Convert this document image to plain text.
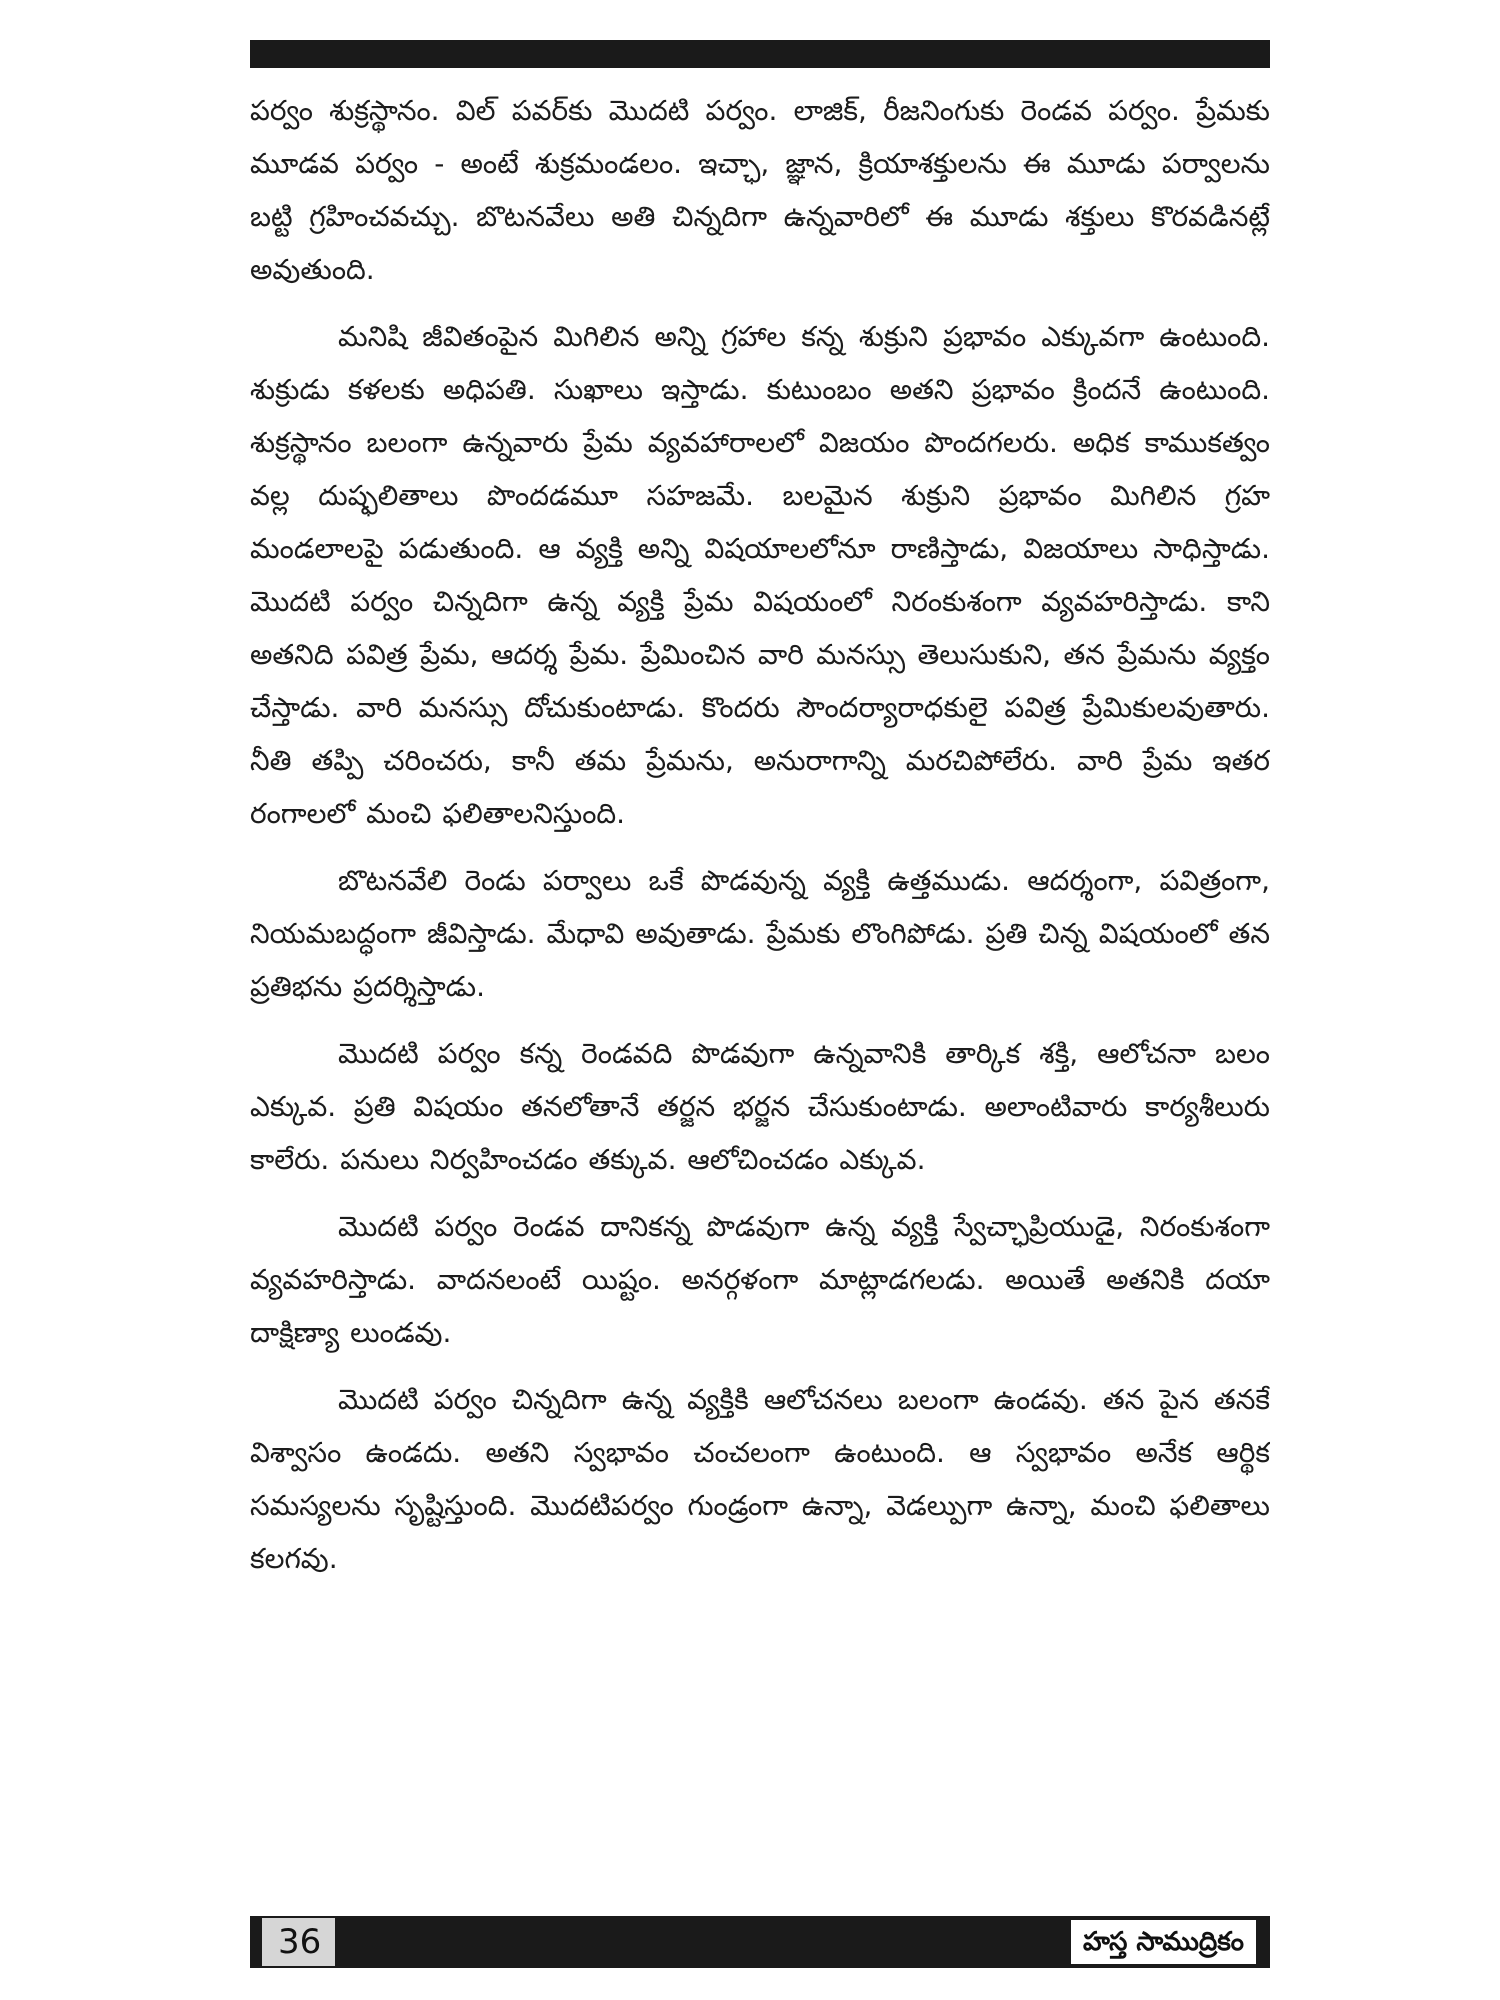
పర్వం శుక్రస్థానం. విల్ పవర్‌కు మొదటి పర్వం. లాజిక్, రీజనింగుకు రెండవ పర్వం. ప్రేమకు మూడవ పర్వం - అంటే శుక్రమండలం. ఇచ్ఛా, జ్ఞాన, క్రియాశక్తులను ఈ మూడు పర్వాలను బట్టి గ్రహించవచ్చు. బొటనవేలు అతి చిన్నదిగా ఉన్నవారిలో ఈ మూడు శక్తులు కొరవడినట్లే అవుతుంది.

మనిషి జీవితంపైన మిగిలిన అన్ని గ్రహాల కన్న శుక్రుని ప్రభావం ఎక్కువగా ఉంటుంది. శుక్రుడు కళలకు అధిపతి. సుఖాలు ఇస్తాడు. కుటుంబం అతని ప్రభావం క్రిందనే ఉంటుంది. శుక్రస్థానం బలంగా ఉన్నవారు ప్రేమ వ్యవహారాలలో విజయం పొందగలరు. అధిక కాముకత్వం వల్ల దుష్ఫలితాలు పొందడమూ సహజమే. బలమైన శుక్రుని ప్రభావం మిగిలిన గ్రహ మండలాలపై పడుతుంది. ఆ వ్యక్తి అన్ని విషయాలలోనూ రాణిస్తాడు, విజయాలు సాధిస్తాడు. మొదటి పర్వం చిన్నదిగా ఉన్న వ్యక్తి ప్రేమ విషయంలో నిరంకుశంగా వ్యవహరిస్తాడు. కాని అతనిది పవిత్ర ప్రేమ, ఆదర్శ ప్రేమ. ప్రేమించిన వారి మనస్సు తెలుసుకుని, తన ప్రేమను వ్యక్తం చేస్తాడు. వారి మనస్సు దోచుకుంటాడు. కొందరు సౌందర్యారాధకులై పవిత్ర ప్రేమికులవుతారు. నీతి తప్పి చరించరు, కానీ తమ ప్రేమను, అనురాగాన్ని మరచిపోలేరు. వారి ప్రేమ ఇతర రంగాలలో మంచి ఫలితాలనిస్తుంది.

బొటనవేలి రెండు పర్వాలు ఒకే పొడవున్న వ్యక్తి ఉత్తముడు. ఆదర్శంగా, పవిత్రంగా, నియమబద్ధంగా జీవిస్తాడు. మేధావి అవుతాడు. ప్రేమకు లొంగిపోడు. ప్రతి చిన్న విషయంలో తన ప్రతిభను ప్రదర్శిస్తాడు.

మొదటి పర్వం కన్న రెండవది పొడవుగా ఉన్నవానికి తార్కిక శక్తి, ఆలోచనా బలం ఎక్కువ. ప్రతి విషయం తనలోతానే తర్జన భర్జన చేసుకుంటాడు. అలాంటివారు కార్యశీలురు కాలేరు. పనులు నిర్వహించడం తక్కువ. ఆలోచించడం ఎక్కువ.

మొదటి పర్వం రెండవ దానికన్న పొడవుగా ఉన్న వ్యక్తి స్వేచ్ఛాప్రియుడై, నిరంకుశంగా వ్యవహరిస్తాడు. వాదనలంటే యిష్టం. అనర్గళంగా మాట్లాడగలడు. అయితే అతనికి దయా దాక్షిణ్యా లుండవు.

మొదటి పర్వం చిన్నదిగా ఉన్న వ్యక్తికి ఆలోచనలు బలంగా ఉండవు. తన పైన తనకే విశ్వాసం ఉండదు. అతని స్వభావం చంచలంగా ఉంటుంది. ఆ స్వభావం అనేక ఆర్థిక సమస్యలను సృష్టిస్తుంది. మొదటిపర్వం గుండ్రంగా ఉన్నా, వెడల్పుగా ఉన్నా, మంచి ఫలితాలు కలగవు.

36	హస్త సాముద్రికం
